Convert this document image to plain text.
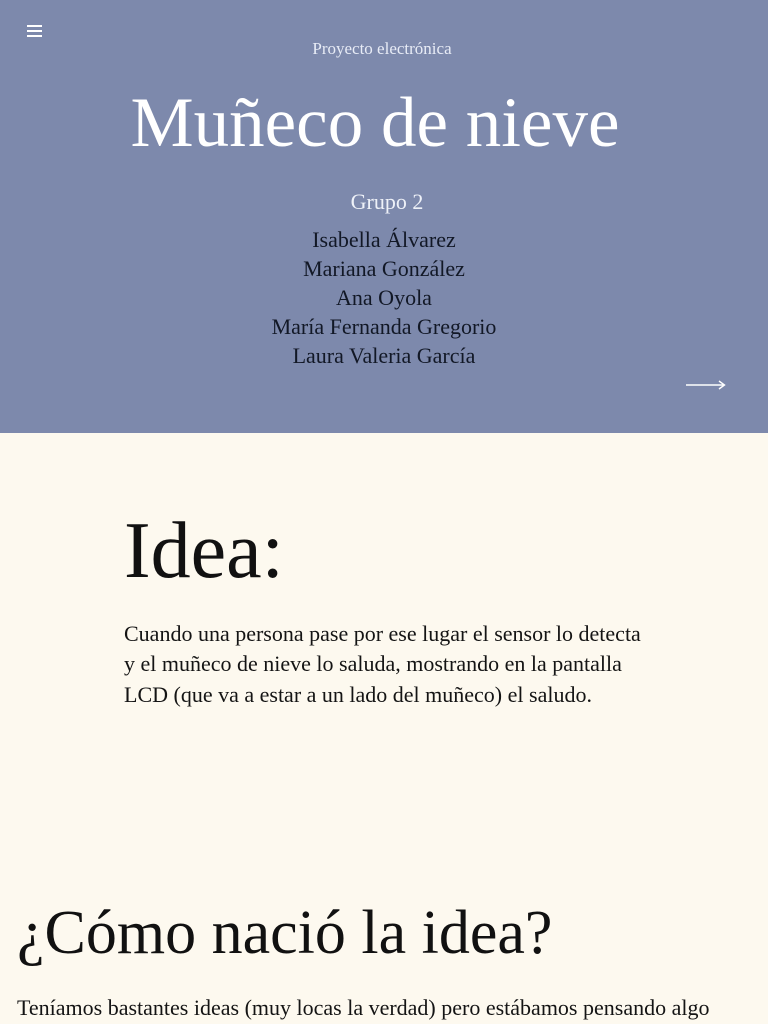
Proyecto electrónica
Muñeco de nieve
Grupo 2
Isabella Álvarez
Mariana González
Ana Oyola
María Fernanda Gregorio
Laura Valeria García
Idea:

Cuando una persona pase por ese lugar el sensor lo detecta y el muñeco de nieve lo saluda, mostrando en la pantalla LCD (que va a estar a un lado del muñeco) el saludo.

¿Cómo nació la idea?

Teníamos bastantes ideas (muy locas la verdad) pero estábamos pensando algo
